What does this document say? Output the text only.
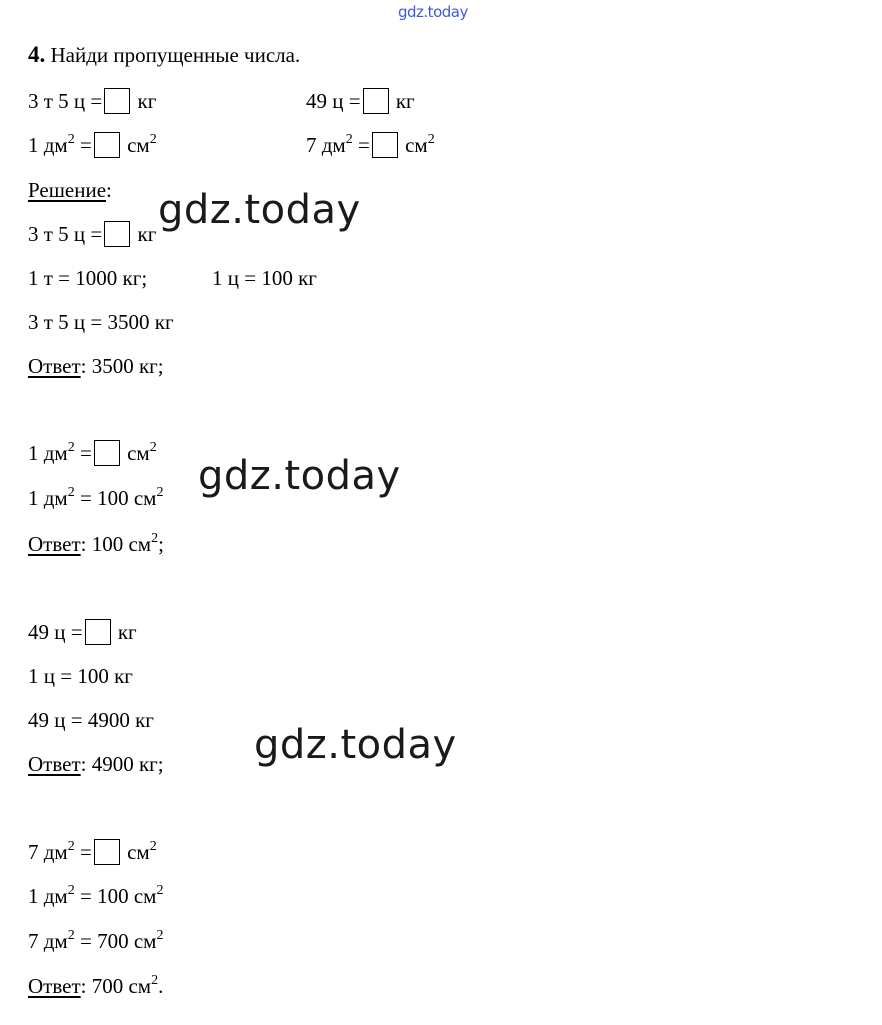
gdz.today
4. Найди пропущенные числа.
3 т 5 ц = кг	49 ц = кг
1 $дм^2 = см^2$	7 $дм^2 = см^2$
Решение:
3 т 5 ц = кг
1 т = 1000 кг;	1 ц = 100 кг
3 т 5 ц = 3500 кг
Ответ: 3500 кг;
1 $дм^2 = см^2$
1 $дм^2 = 100$ $см^2$
Ответ: 100 $см^2$;
49 ц = кг
1 ц = 100 кг
49 ц = 4900 кг
Ответ: 4900 кг;
7 $дм^2 = см^2$
1 $дм^2 = 100$ $см^2$
7 $дм^2 = 700$ $см^2$
Ответ: 700 $см^2$.
gdz.today
gdz.today
gdz.today
